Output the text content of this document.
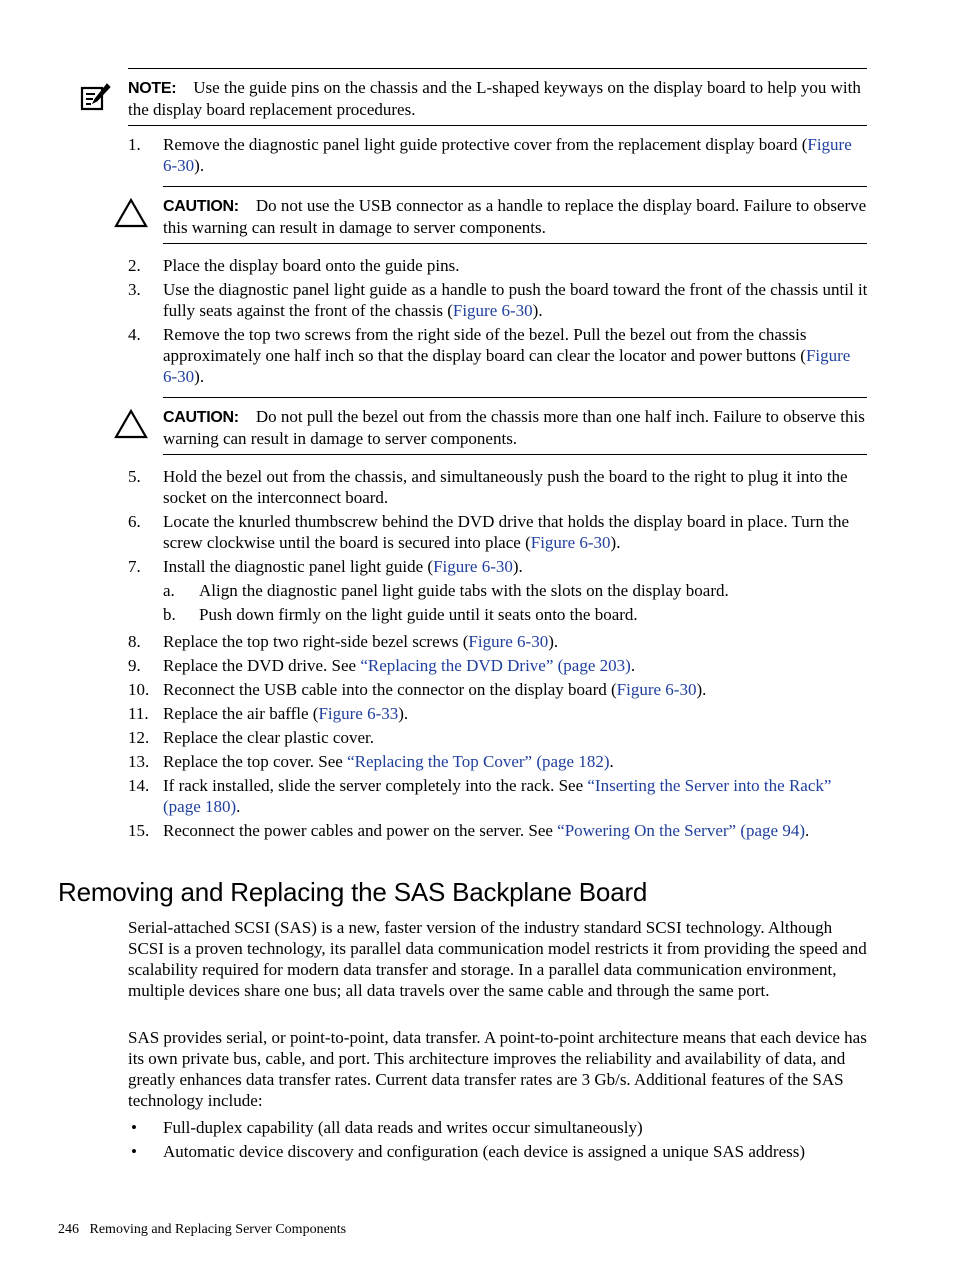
NOTE: Use the guide pins on the chassis and the L-shaped keyways on the display board to help you with the display board replacement procedures.
1.	Remove the diagnostic panel light guide protective cover from the replacement display board (Figure 6-30).
CAUTION: Do not use the USB connector as a handle to replace the display board. Failure to observe this warning can result in damage to server components.
2.	Place the display board onto the guide pins.
3.	Use the diagnostic panel light guide as a handle to push the board toward the front of the chassis until it fully seats against the front of the chassis (Figure 6-30).
4.	Remove the top two screws from the right side of the bezel. Pull the bezel out from the chassis approximately one half inch so that the display board can clear the locator and power buttons (Figure 6-30).
CAUTION: Do not pull the bezel out from the chassis more than one half inch. Failure to observe this warning can result in damage to server components.
5.	Hold the bezel out from the chassis, and simultaneously push the board to the right to plug it into the socket on the interconnect board.
6.	Locate the knurled thumbscrew behind the DVD drive that holds the display board in place. Turn the screw clockwise until the board is secured into place (Figure 6-30).
7.	Install the diagnostic panel light guide (Figure 6-30).
a.	Align the diagnostic panel light guide tabs with the slots on the display board.
b.	Push down firmly on the light guide until it seats onto the board.
8.	Replace the top two right-side bezel screws (Figure 6-30).
9.	Replace the DVD drive. See “Replacing the DVD Drive” (page 203).
10. Reconnect the USB cable into the connector on the display board (Figure 6-30).
11. Replace the air baffle (Figure 6-33).
12. Replace the clear plastic cover.
13. Replace the top cover. See “Replacing the Top Cover” (page 182).
14. If rack installed, slide the server completely into the rack. See “Inserting the Server into the Rack” (page 180).
15. Reconnect the power cables and power on the server. See “Powering On the Server” (page 94).
Removing and Replacing the SAS Backplane Board
Serial-attached SCSI (SAS) is a new, faster version of the industry standard SCSI technology. Although SCSI is a proven technology, its parallel data communication model restricts it from providing the speed and scalability required for modern data transfer and storage. In a parallel data communication environment, multiple devices share one bus; all data travels over the same cable and through the same port.
SAS provides serial, or point-to-point, data transfer. A point-to-point architecture means that each device has its own private bus, cable, and port. This architecture improves the reliability and availability of data, and greatly enhances data transfer rates. Current data transfer rates are 3 Gb/s. Additional features of the SAS technology include:
•	Full-duplex capability (all data reads and writes occur simultaneously)
•	Automatic device discovery and configuration (each device is assigned a unique SAS address)
246 Removing and Replacing Server Components
